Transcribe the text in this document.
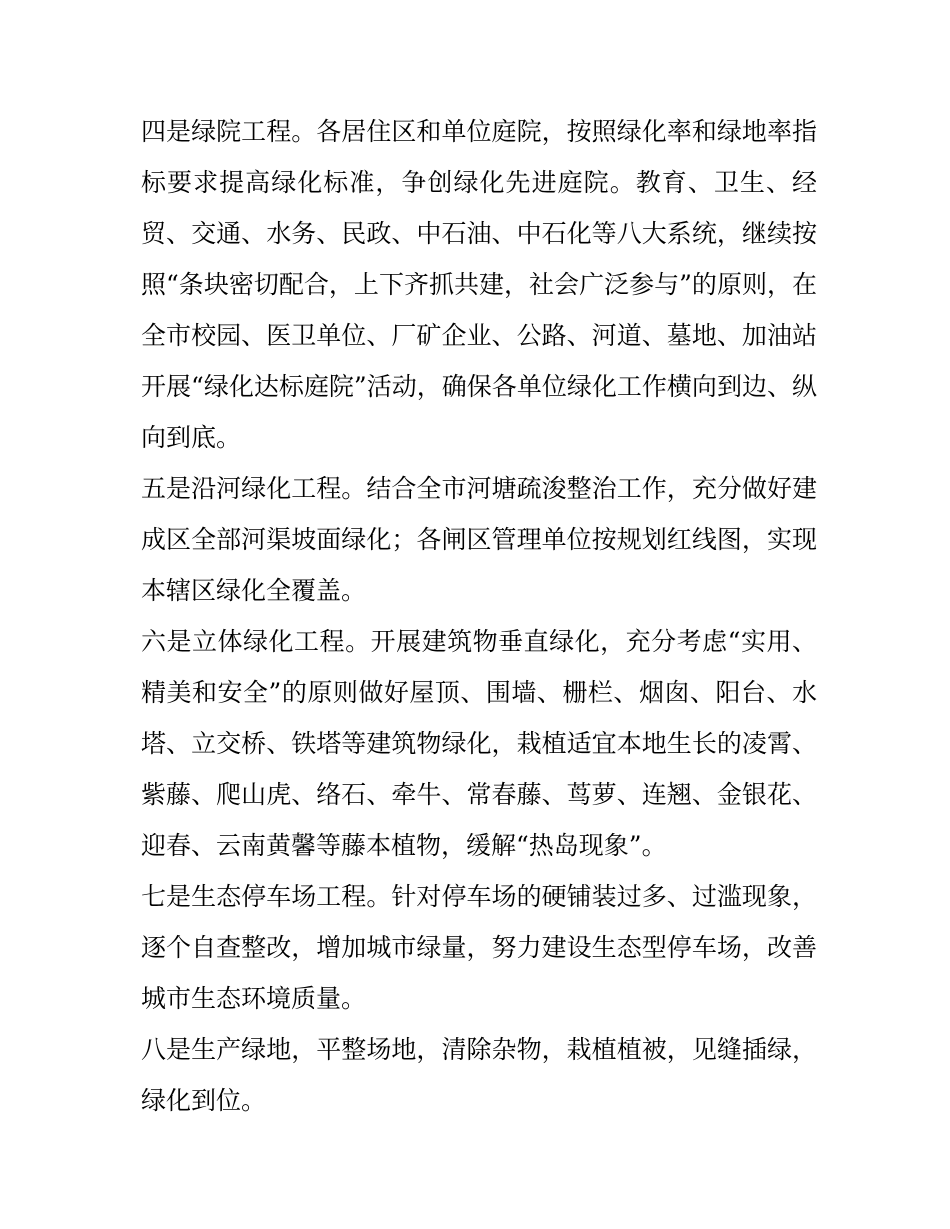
四是绿院工程。各居住区和单位庭院，按照绿化率和绿地率指
标要求提高绿化标准，争创绿化先进庭院。教育、卫生、经
贸、交通、水务、民政、中石油、中石化等八大系统，继续按
照“条块密切配合，上下齐抓共建，社会广泛参与”的原则，在
全市校园、医卫单位、厂矿企业、公路、河道、墓地、加油站
开展“绿化达标庭院”活动，确保各单位绿化工作横向到边、纵
向到底。
五是沿河绿化工程。结合全市河塘疏浚整治工作，充分做好建
成区全部河渠坡面绿化；各闸区管理单位按规划红线图，实现
本辖区绿化全覆盖。
六是立体绿化工程。开展建筑物垂直绿化，充分考虑“实用、
精美和安全”的原则做好屋顶、围墙、栅栏、烟囱、阳台、水
塔、立交桥、铁塔等建筑物绿化，栽植适宜本地生长的凌霄、
紫藤、爬山虎、络石、牵牛、常春藤、茑萝、连翘、金银花、
迎春、云南黄馨等藤本植物，缓解“热岛现象”。
七是生态停车场工程。针对停车场的硬铺装过多、过滥现象，
逐个自查整改，增加城市绿量，努力建设生态型停车场，改善
城市生态环境质量。
八是生产绿地，平整场地，清除杂物，栽植植被，见缝插绿，
绿化到位。
